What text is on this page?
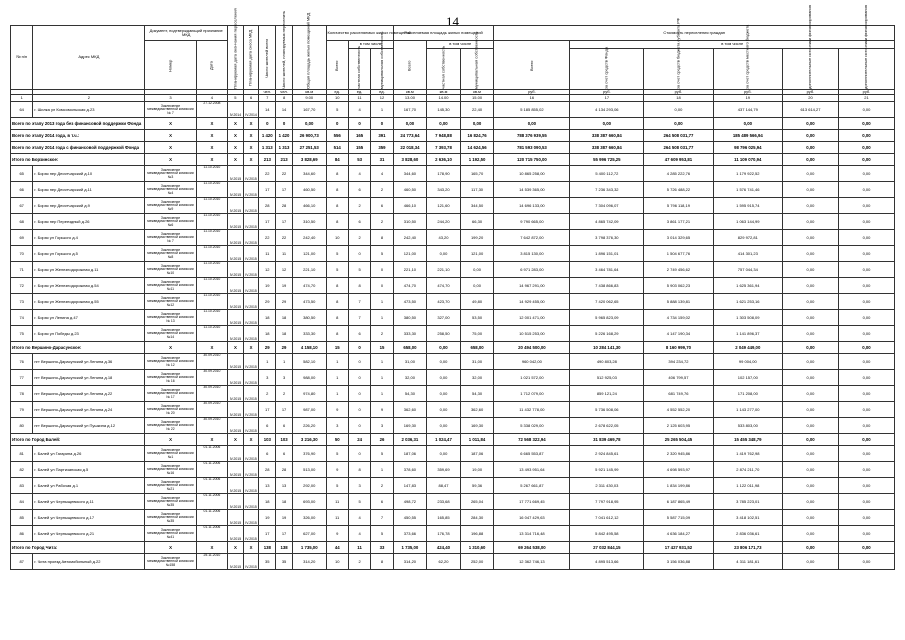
14
№ п/п	Адрес МКД	Документ, подтверждающий признание МКД		Планируемая дата окончания переселения	Планируемая дата сноса МКД	Число жителей всего	Число жителей, планируемых переселить	Общая площадь жилых помещений МКД	Количество расселяемых жилых помещений			Расселяемая площадь жилых помещений			Стоимость переселения граждан					
		Номер	Дата						Всего	в том числе		Всего	в том числе		Всего	в том числе				
										частная собственность	муниципальная собственность		частная собственность	муниципальная собственность		за счет средств Фонда	за счет средств бюджета субъекта РФ	за счет средств местного бюджета	дополнительные источники финансирования	дополнительные источники финансирования
						чел.	чел.	кв.м	ед.	ед.	ед.	кв.м	кв.м	кв.м	руб.	руб.	руб.	руб.	руб.	руб.
1	2	3	4	5	6	7	8	9.00	10	11	12	13.00	14.00	15.00	16	17	18	19	20	21
64	г. Шилка ул Комсомольская д.23	Заключение межведомственной комиссии № 7	27.12.2008	IV.2014	IV.2014	14	14	167,70	5	4	1	167,70	145,30	22,40	5 185 855,02	4 134 293,06	0,00	437 144,79	613 614,27	0,00
Всего по этапу 2013 года без финансовой поддержки Фонда		X	X	X	X	0	0	0,00	0	0	0	0,00	0,00	0,00	0,00	0,00	0,00	0,00	0,00	0,00
Всего по этапу 2014 года, в т.ч.:		X	X	X	X	1 420	1 420	26 900,73	556	165	391	24 773,64	7 948,88	16 824,76	788 376 939,55	338 387 660,84	264 508 031,77	185 489 566,94	0,00	0,00
Всего по этапу 2014 года с финансовой поддержкой Фонда		X	X	X	X	1 313	1 313	27 251,53	514	155	359	22 018,34	7 393,78	14 624,56	781 593 090,53	338 387 660,84	264 508 031,77	98 796 025,94	0,00	0,00
Итого по Борзинское:		X	X	X	X	213	213	3 828,69	84	53	31	3 828,60	2 636,10	1 192,50	120 715 750,00	55 996 725,25	47 609 953,81	11 109 070,94	0,00	0,00
65	г. Борзя пер Десятчарский д.10	Заключение межведомственной комиссии №3	11.10.2010	IV.2015	IV.2015	22	22	344,60	8	4	4	344,60	178,90	165,70	10 865 258,00	5 400 112,72	4 285 222,76	1 179 922,52	0,00	0,00
66	г. Борзя пер Десятчарский д.11	Заключение межведомственной комиссии №4	11.10.2010	IV.2015	IV.2015	17	17	460,50	8	6	2	460,50	343,20	117,30	14 539 365,00	7 236 343,32	5 726 488,22	1 576 741,46	0,00	0,00
67	г. Борзя пер Десятчарский д.9	Заключение межведомственной комиссии №9	11.10.2010	IV.2015	IV.2015	28	28	466,10	8	2	6	466,10	121,60	344,50	14 696 133,00	7 304 096,07	5 796 118,19	1 595 915,74	0,00	0,00
68	г. Борзя пер Переездный д.26	Заключение межведомственной комиссии №6	11.10.2010	IV.2015	IV.2015	17	17	310,50	8	6	2	310,50	244,20	66,30	9 790 665,00	4 865 742,09	3 861 177,21	1 063 144,99	0,00	0,00
69	г. Борзя ул Горького д.4	Заключение межведомственной комиссии № 7	11.10.2010	IV.2015	IV.2015	22	22	242,40	10	2	8	242,40	43,20	199,20	7 642 872,00	3 798 376,30	3 014 329,65	829 972,81	0,00	0,00
70	г. Борзя ул Горького д.5	Заключение межведомственной комиссии №8	11.10.2010	IV.2015	IV.2015	11	11	121,00	5	0	5	121,00	0,00	121,00	3 815 130,00	1 896 151,01	1 504 677,76	414 301,23	0,00	0,00
71	г. Борзя ул Железнодорожная д.11	Заключение межведомственной комиссии №10	11.10.2010	IV.2015	IV.2015	12	12	221,10	5	5	0	221,10	221,10	0,00	6 971 283,00	3 464 781,64	2 749 456,62	757 044,34	0,00	0,00
72	г. Борзя ул Железнодорожная д.54	Заключение межведомственной комиссии №11	11.10.2010	IV.2015	IV.2015	19	19	474,70	8	8	0	474,70	474,70	0,00	14 967 291,00	7 438 866,83	5 903 062,23	1 625 361,94	0,00	0,00
73	г. Борзя ул Железнодорожная д.55	Заключение межведомственной комиссии №12	11.10.2010	IV.2015	IV.2015	29	29	473,50	8	7	1	473,50	423,70	49,80	14 929 455,00	7 420 062,65	5 888 139,81	1 621 253,16	0,00	0,00
74	г. Борзя ул Ленина д.47	Заключение межведомственной комиссии № 13	11.10.2010	IV.2015	IV.2015	18	18	380,50	8	7	1	380,50	327,00	53,50	12 001 471,00	5 965 823,09	4 734 159,02	1 303 508,09	0,00	0,00
75	г. Борзя ул Победы д.23	Заключение межведомственной комиссии №14	11.10.2010	IV.2015	IV.2015	18	18	333,30	8	6	2	333,30	258,50	75,00	10 515 253,00	5 226 168,29	4 147 190,34	1 141 896,37	0,00	0,00
Итого по Вершино-Дарасунское:		X	X	X	X	29	29	4 158,10	15	0	15	658,00	0,00	658,00	20 494 500,00	10 284 141,30	8 160 999,70	2 049 449,00	0,00	0,00
76	пгт Вершино-Дарасунский ул Ленина д.36	Заключение межведомственной комиссии № 12	30.09.2010	IV.2015	IV.2015	1	1	582,10	1	0	1	31,00	0,00	31,00	960 042,00	490 803,28	394 234,72	99 004,00	0,00	0,00
77	пгт Вершино-Дарасунский ул Ленина д.18	Заключение межведомственной комиссии № 16	30.09.2010	IV.2015	IV.2015	3	3	988,00	1	0	1	32,00	0,00	32,00	1 021 572,00	512 925,03	406 799,57	102 157,00	0,00	0,00
78	пгт Вершино-Дарасунский ул Ленина д.22	Заключение межведомственной комиссии № 17	30.09.2010	IV.2015	IV.2015	2	2	974,80	1	0	1	54,30	0,00	54,30	1 712 079,00	859 121,24	681 749,76	171 208,00	0,00	0,00
79	пгт Вершино-Дарасунский ул Ленина д.24	Заключение межведомственной комиссии № 20	30.09.2010	IV.2015	IV.2015	17	17	987,00	9	0	9	362,60	0,00	362,60	11 432 778,00	5 736 508,06	4 552 552,20	1 143 277,00	0,00	0,00
80	пгт Вершино-Дарасунский ул Пушкина д.12	Заключение межведомственной комиссии № 22	30.09.2010	IV.2015	IV.2015	6	6	226,20	3	0	3	169,30	0,00	169,30	5 338 029,00	2 678 622,05	2 125 603,95	533 803,00	0,00	0,00
Итого по Город Балей:		X	X	X	X	103	103	3 216,30	50	24	26	2 036,31	1 024,47	1 011,84	72 568 322,94	31 839 469,78	25 265 504,45	15 455 348,79	0,00	0,00
81	г. Балей ул Гагарина д.26	Заключение межведомственной комиссии №1	01.11.2006	IV.2015	IV.2015	6	6	376,90	5	0	5	187,06	0,00	187,06	6 665 553,87	2 924 845,61	2 320 945,86	1 419 762,98	0,00	0,00
82	г. Балей ул Партизанская д.5	Заключение межведомственной комиссии №16	01.11.2006	IV.2015	IV.2015	28	28	513,00	9	8	1	378,60	359,69	19,00	13 493 951,64	5 921 145,99	4 698 593,97	2 874 211,70	0,00	0,00
83	г. Балей ул Рабочая д.1	Заключение межведомственной комиссии №21	01.11.2006	IV.2015	IV.2015	13	13	292,00	5	3	2	147,83	88,47	59,36	5 267 661,87	2 311 430,03	1 834 199,86	1 122 011,98	0,00	0,00
84	г. Балей ул Черныщевского д.11	Заключение межведомственной комиссии №35	01.11.2006	IV.2015	IV.2015	18	18	693,00	11	5	6	498,72	233,68	265,04	17 771 669,45	7 797 918,95	6 187 865,49	3 785 223,01	0,00	0,00
85	г. Балей ул Черныщевского д.17	Заключение межведомственной комиссии №35	01.11.2006	IV.2015	IV.2015	19	19	326,00	11	4	7	450,55	165,85	284,30	16 047 429,63	7 041 612,12	5 587 715,09	3 418 102,51	0,00	0,00
86	г. Балей ул Черныщевского д.21	Заключение межведомственной комиссии №41	01.11.2006	IV.2015	IV.2015	17	17	627,00	9	4	5	373,66	176,78	196,88	13 314 716,48	5 842 495,58	4 636 184,27	2 836 036,61	0,00	0,00
Итого по Город Чита:		X	X	X	X	138	138	1 735,00	44	11	33	1 735,00	424,40	1 310,60	69 264 538,00	27 032 844,15	17 427 931,52	23 806 171,73	0,00	0,00
87	г. Чита проезд Автомобильный д.22	Заключение межведомственной комиссии №158	25.11.2010	IV.2015	IV.2015	35	35	314,20	10	2	8	314,20	62,20	252,00	12 362 746,13	4 895 513,66	3 156 036,88	4 311 181,61	0,00	0,00
